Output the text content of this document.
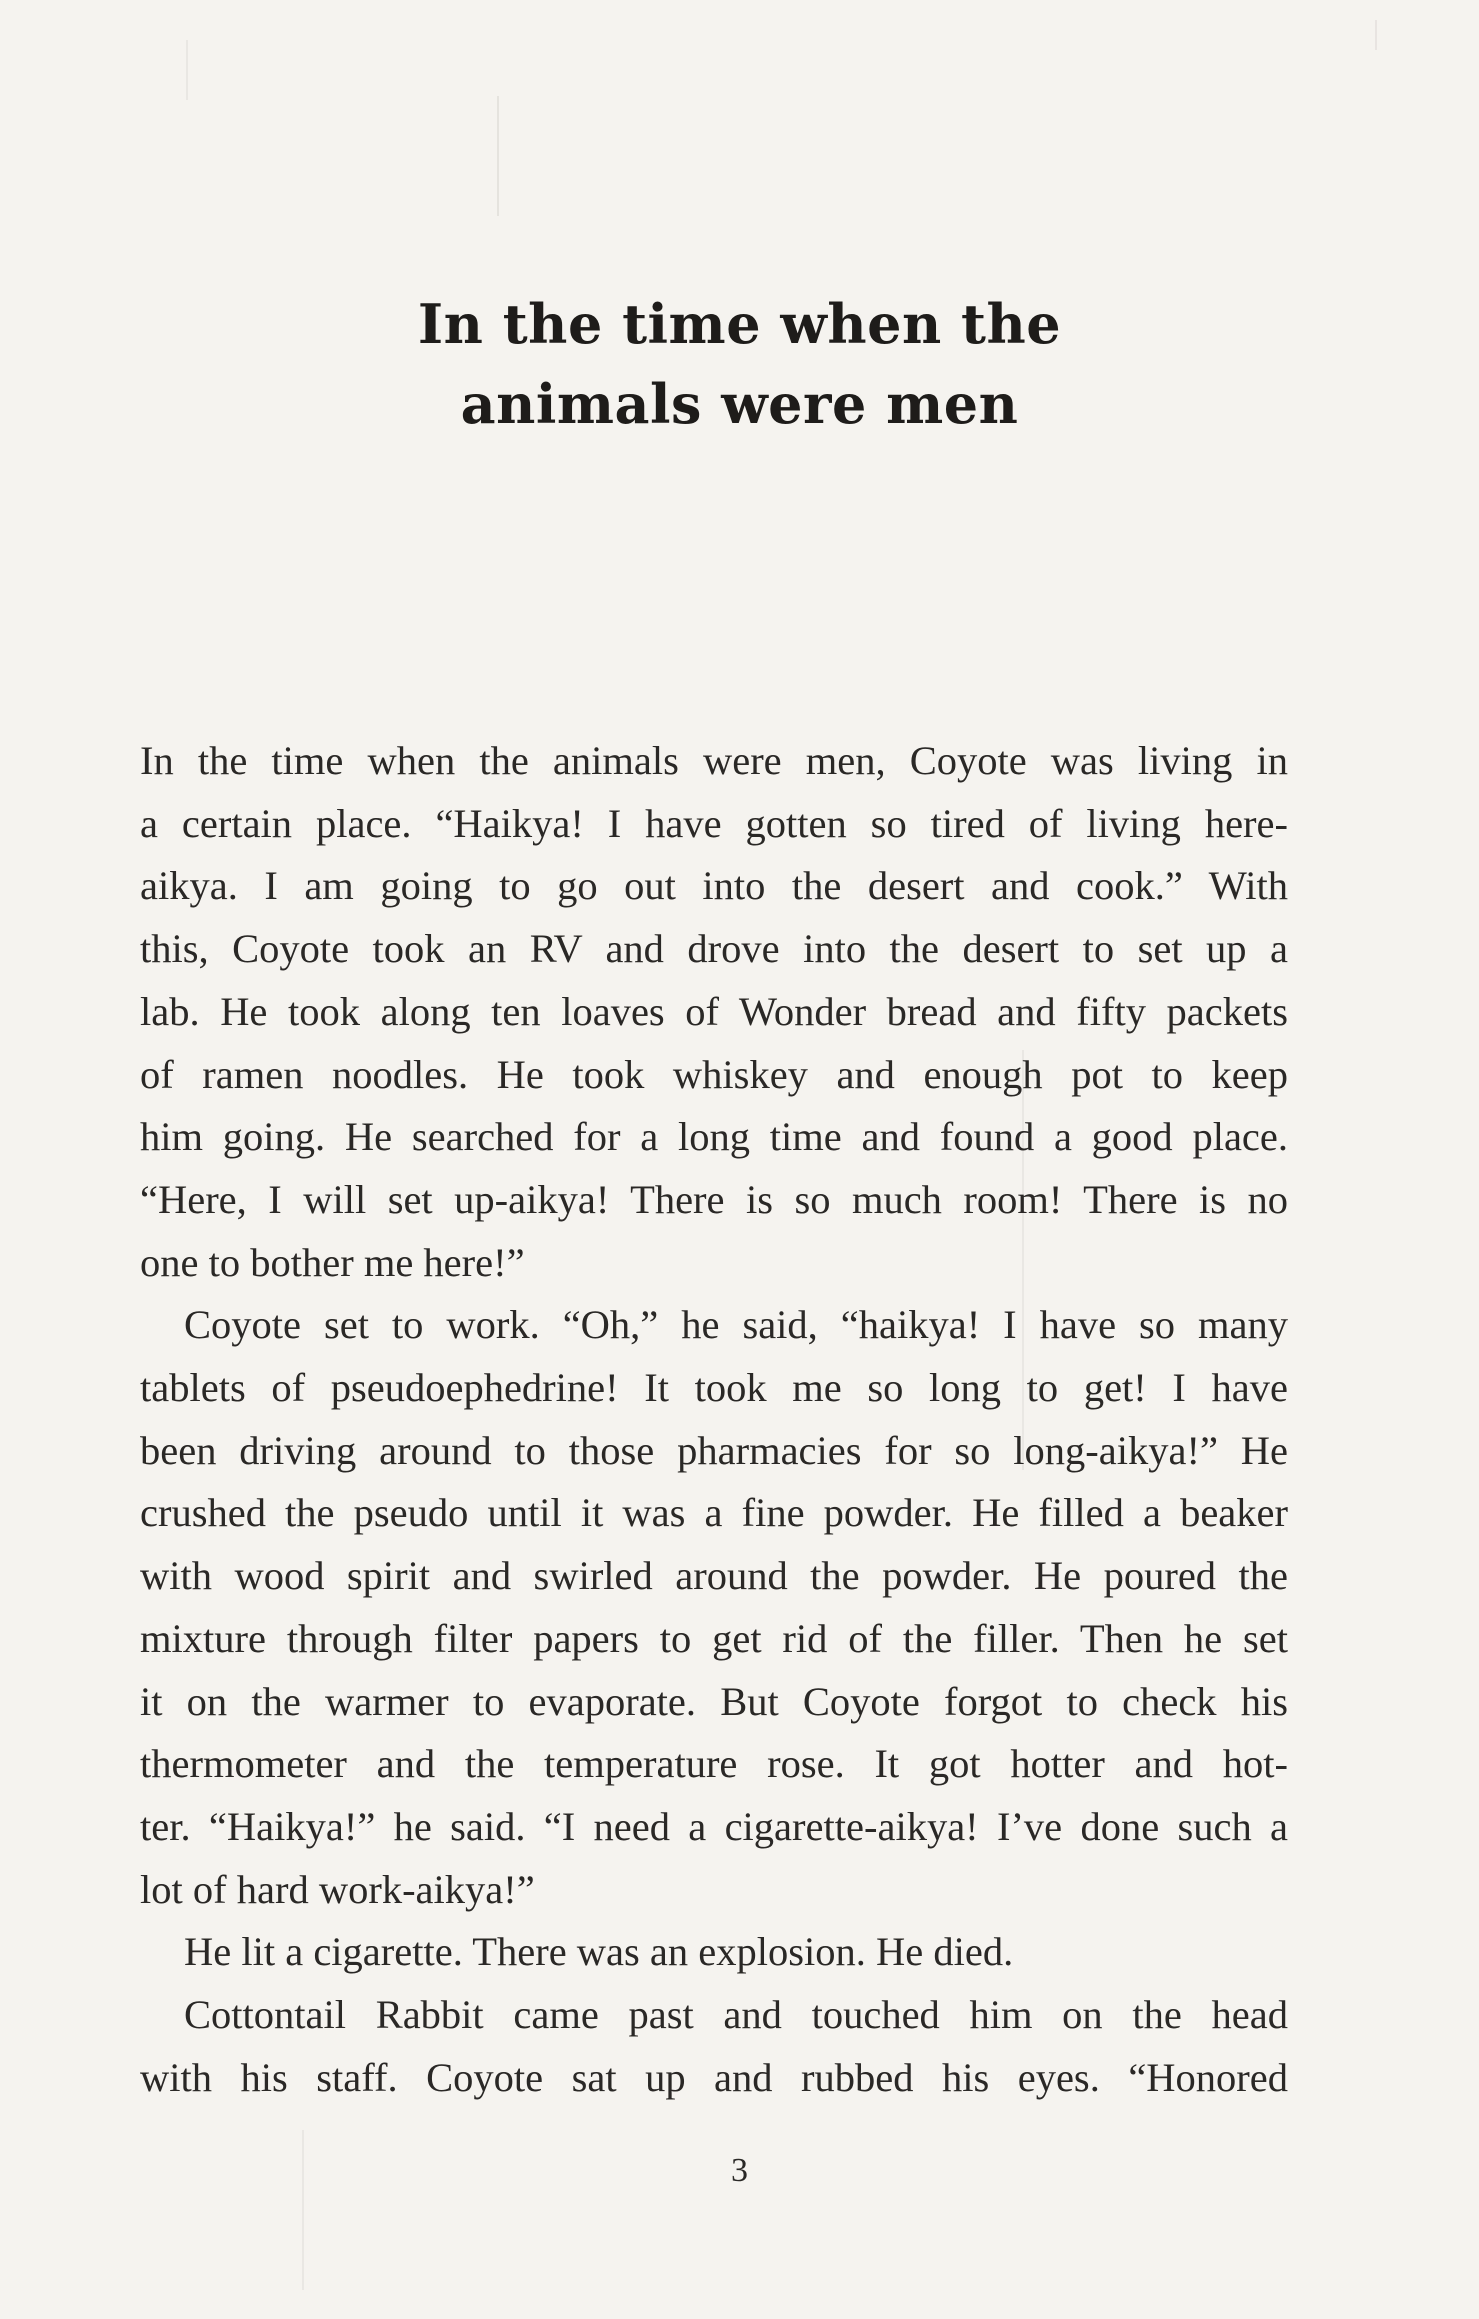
In the time when the
animals were men

In the time when the animals were men, Coyote was living in
a certain place. “Haikya! I have gotten so tired of living here-
aikya. I am going to go out into the desert and cook.” With
this, Coyote took an RV and drove into the desert to set up a
lab. He took along ten loaves of Wonder bread and fifty packets
of ramen noodles. He took whiskey and enough pot to keep
him going. He searched for a long time and found a good place.
“Here, I will set up-aikya! There is so much room! There is no
one to bother me here!”

Coyote set to work. “Oh,” he said, “haikya! I have so many
tablets of pseudoephedrine! It took me so long to get! I have
been driving around to those pharmacies for so long-aikya!” He
crushed the pseudo until it was a fine powder. He filled a beaker
with wood spirit and swirled around the powder. He poured the
mixture through filter papers to get rid of the filler. Then he set
it on the warmer to evaporate. But Coyote forgot to check his
thermometer and the temperature rose. It got hotter and hot-
ter. “Haikya!” he said. “I need a cigarette-aikya! I’ve done such a
lot of hard work-aikya!”

He lit a cigarette. There was an explosion. He died.

Cottontail Rabbit came past and touched him on the head
with his staff. Coyote sat up and rubbed his eyes. “Honored

3
